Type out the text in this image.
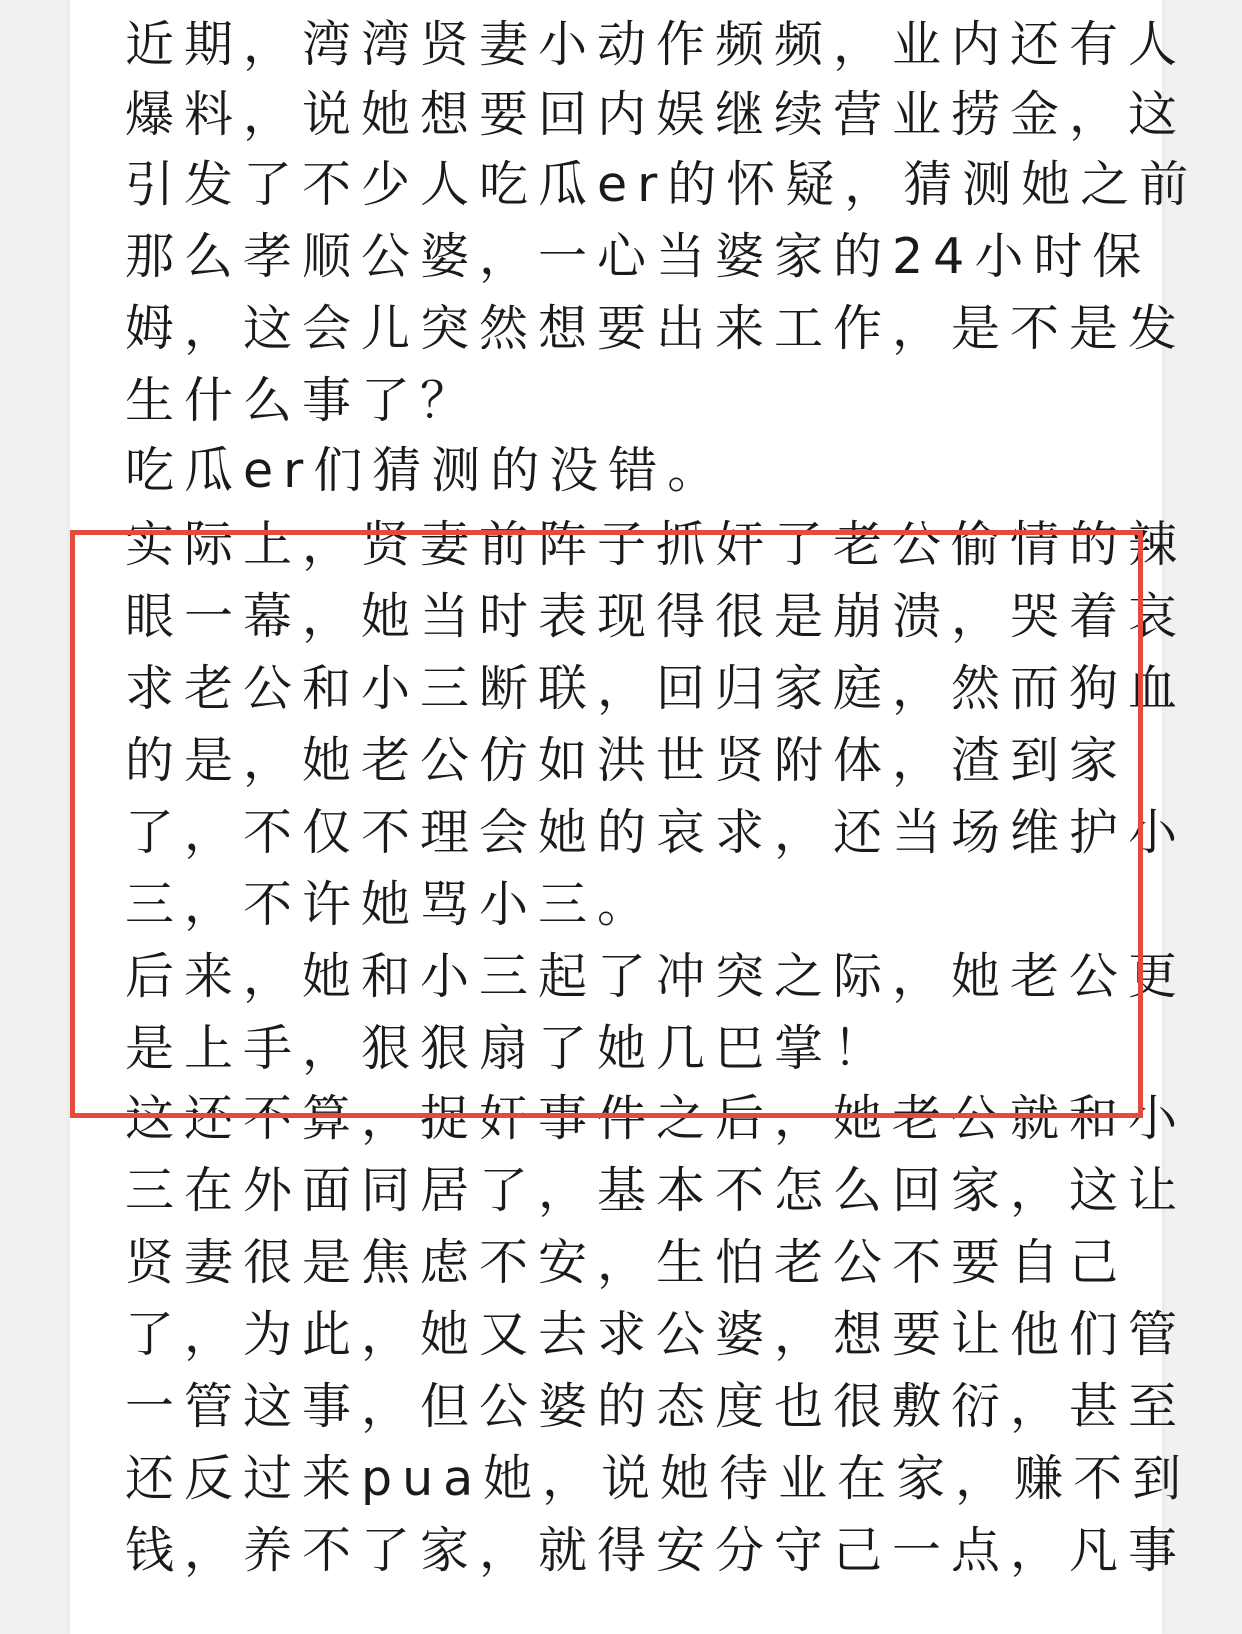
近期，湾湾贤妻小动作频频，业内还有人
爆料，说她想要回内娱继续营业捞金，这
引发了不少人吃瓜er的怀疑，猜测她之前
那么孝顺公婆，一心当婆家的24小时保
姆，这会儿突然想要出来工作，是不是发
生什么事了？
吃瓜er们猜测的没错。
实际上，贤妻前阵子抓奸了老公偷情的辣
眼一幕，她当时表现得很是崩溃，哭着哀
求老公和小三断联，回归家庭，然而狗血
的是，她老公仿如洪世贤附体，渣到家
了，不仅不理会她的哀求，还当场维护小
三，不许她骂小三。
后来，她和小三起了冲突之际，她老公更
是上手，狠狠扇了她几巴掌！
这还不算，捉奸事件之后，她老公就和小
三在外面同居了，基本不怎么回家，这让
贤妻很是焦虑不安，生怕老公不要自己
了，为此，她又去求公婆，想要让他们管
一管这事，但公婆的态度也很敷衍，甚至
还反过来pua她，说她待业在家，赚不到
钱，养不了家，就得安分守己一点，凡事
